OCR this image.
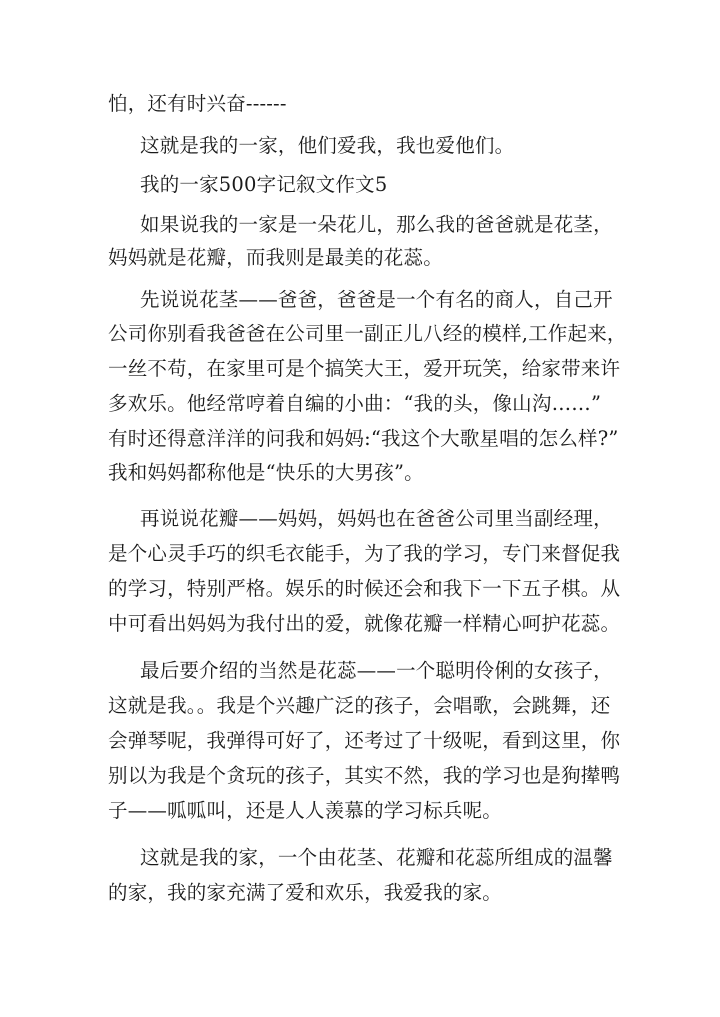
怕，还有时兴奋------
这就是我的一家，他们爱我，我也爱他们。
我的一家500字记叙文作文5
如果说我的一家是一朵花儿，那么我的爸爸就是花茎，
妈妈就是花瓣，而我则是最美的花蕊。
先说说花茎——爸爸，爸爸是一个有名的商人，自己开
公司你别看我爸爸在公司里一副正儿八经的模样,工作起来，
一丝不苟，在家里可是个搞笑大王，爱开玩笑，给家带来许
多欢乐。他经常哼着自编的小曲：“我的头，像山沟……”
有时还得意洋洋的问我和妈妈:“我这个大歌星唱的怎么样?”
我和妈妈都称他是“快乐的大男孩”。
再说说花瓣——妈妈，妈妈也在爸爸公司里当副经理，
是个心灵手巧的织毛衣能手，为了我的学习，专门来督促我
的学习，特别严格。娱乐的时候还会和我下一下五子棋。从
中可看出妈妈为我付出的爱，就像花瓣一样精心呵护花蕊。
最后要介绍的当然是花蕊——一个聪明伶俐的女孩子，
这就是我。。我是个兴趣广泛的孩子，会唱歌，会跳舞，还
会弹琴呢，我弹得可好了，还考过了十级呢，看到这里，你
别以为我是个贪玩的孩子，其实不然，我的学习也是狗撵鸭
子——呱呱叫，还是人人羡慕的学习标兵呢。
这就是我的家，一个由花茎、花瓣和花蕊所组成的温馨
的家，我的家充满了爱和欢乐，我爱我的家。
